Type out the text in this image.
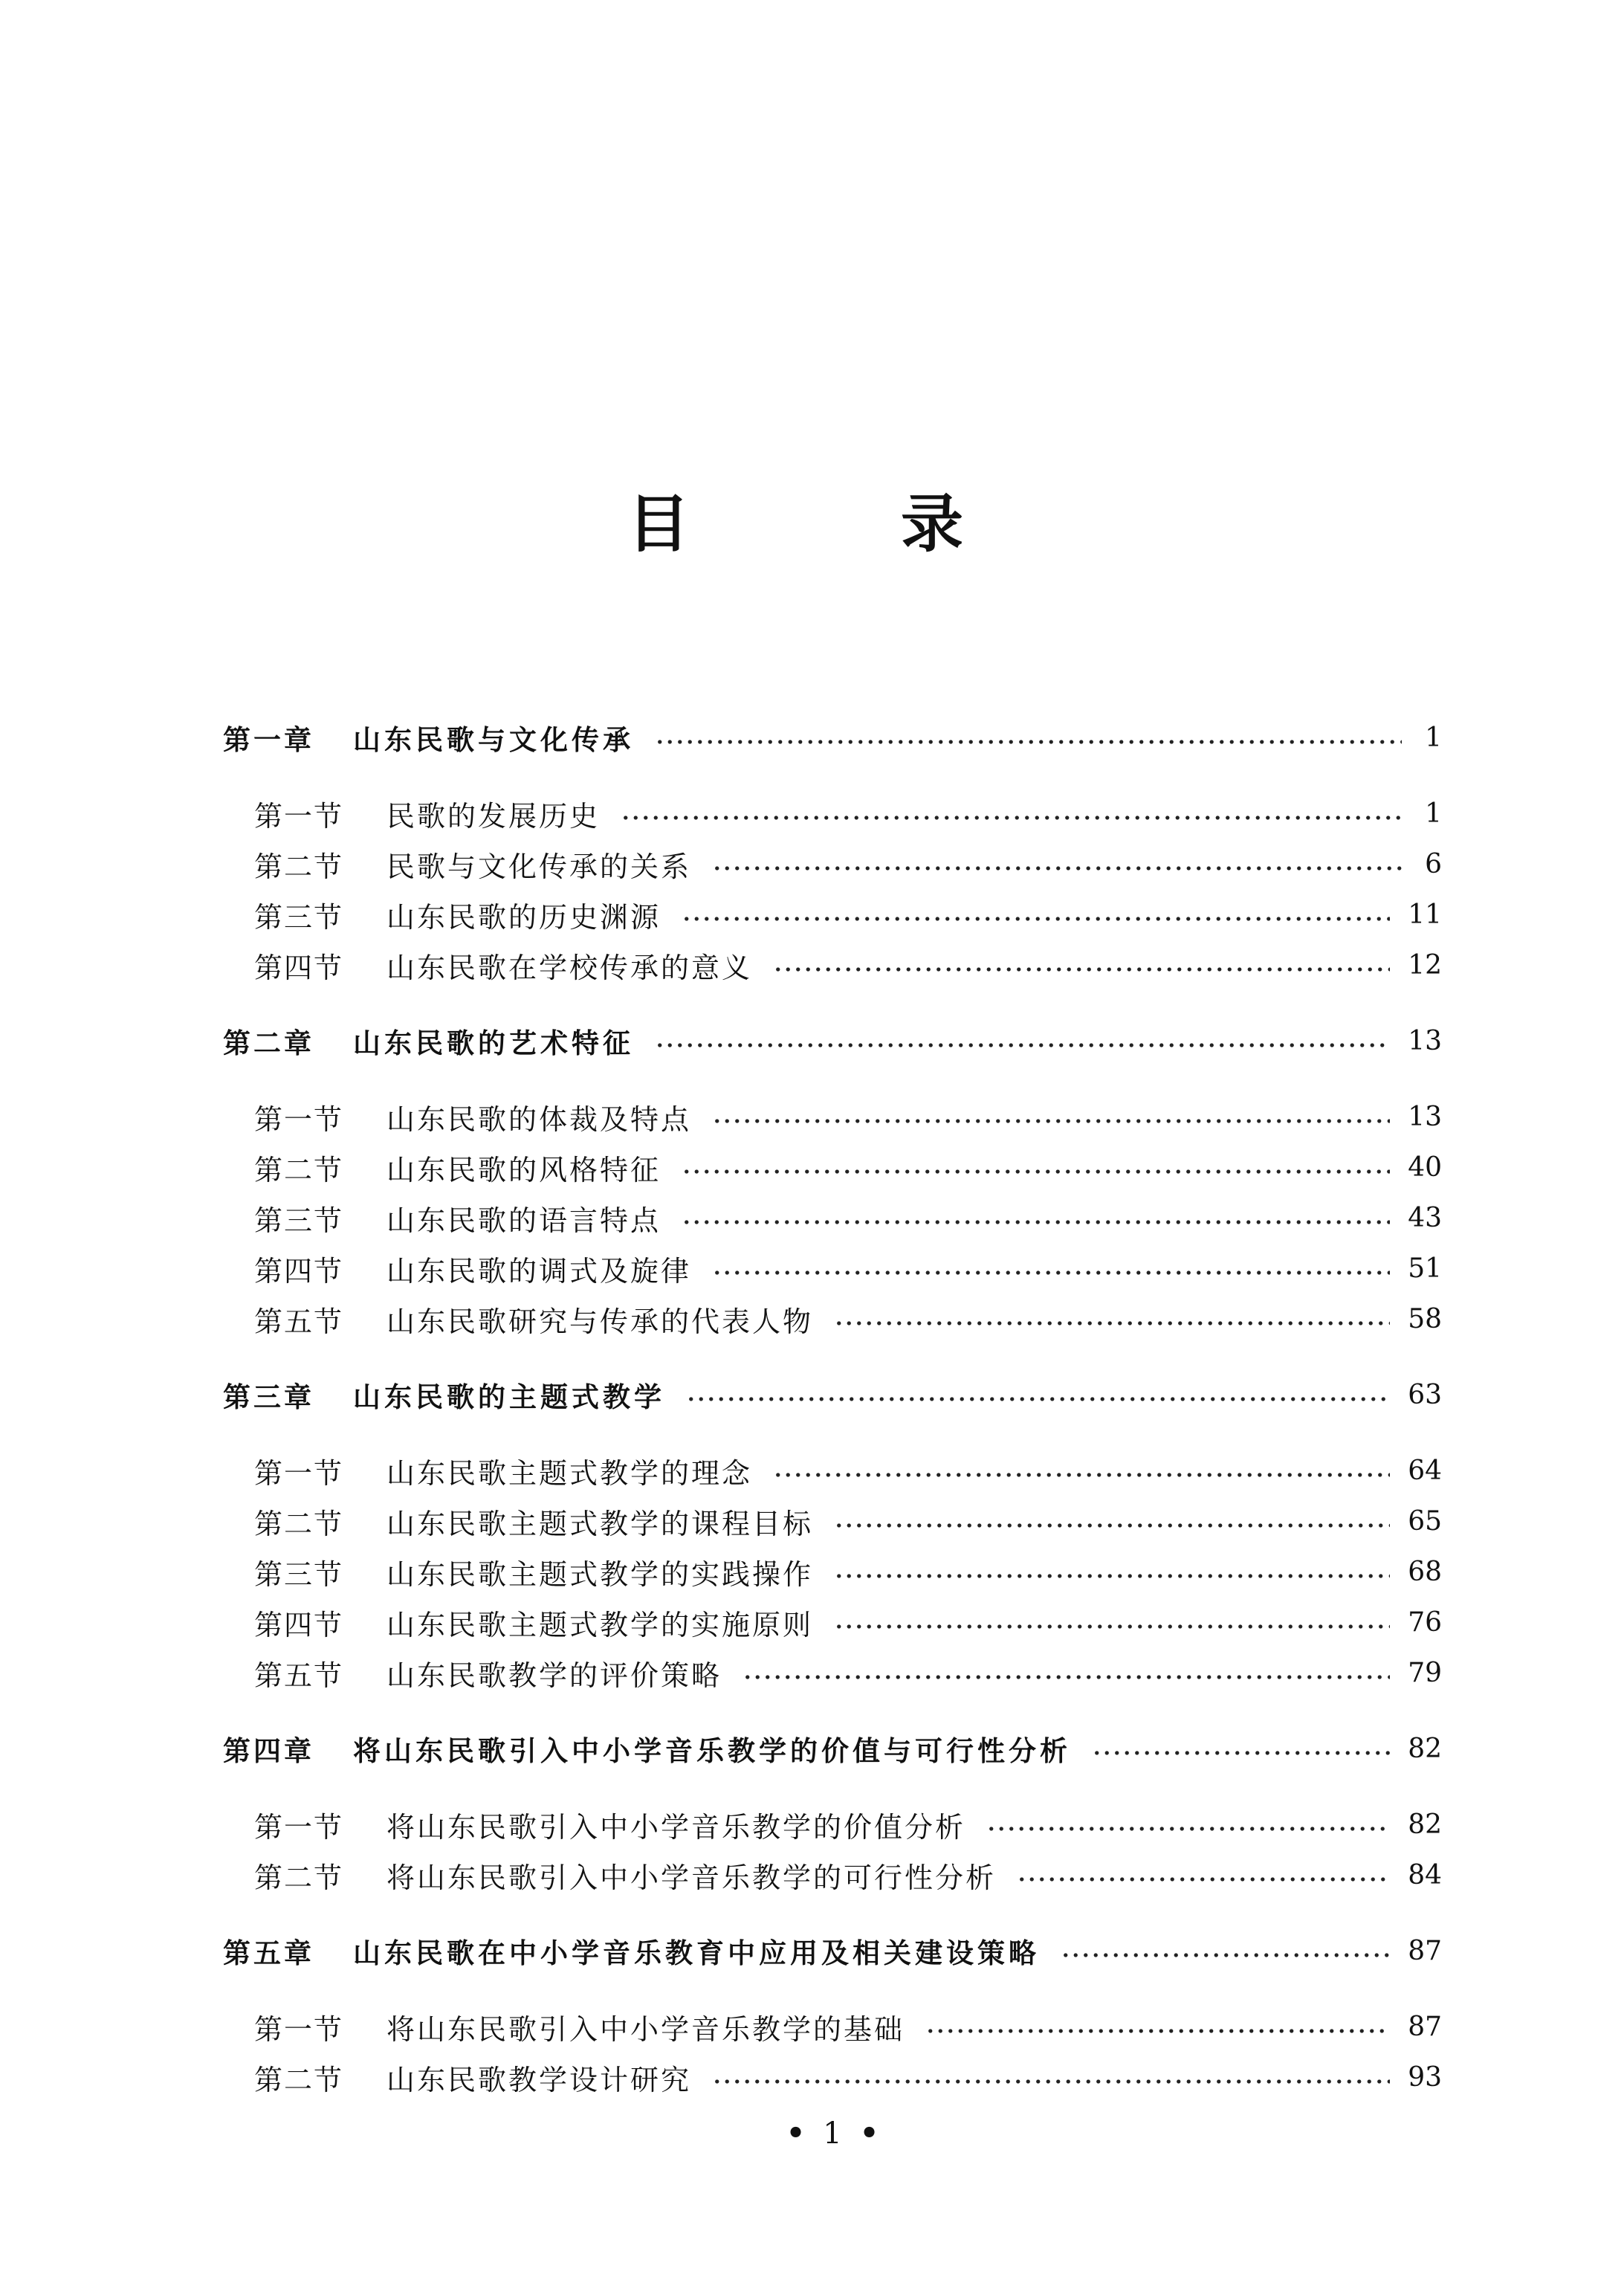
目　录
第一章	山东民歌与文化传承	1
第一节	民歌的发展历史	1
第二节	民歌与文化传承的关系	6
第三节	山东民歌的历史渊源	11
第四节	山东民歌在学校传承的意义	12
第二章	山东民歌的艺术特征	13
第一节	山东民歌的体裁及特点	13
第二节	山东民歌的风格特征	40
第三节	山东民歌的语言特点	43
第四节	山东民歌的调式及旋律	51
第五节	山东民歌研究与传承的代表人物	58
第三章	山东民歌的主题式教学	63
第一节	山东民歌主题式教学的理念	64
第二节	山东民歌主题式教学的课程目标	65
第三节	山东民歌主题式教学的实践操作	68
第四节	山东民歌主题式教学的实施原则	76
第五节	山东民歌教学的评价策略	79
第四章	将山东民歌引入中小学音乐教学的价值与可行性分析	82
第一节	将山东民歌引入中小学音乐教学的价值分析	82
第二节	将山东民歌引入中小学音乐教学的可行性分析	84
第五章	山东民歌在中小学音乐教育中应用及相关建设策略	87
第一节	将山东民歌引入中小学音乐教学的基础	87
第二节	山东民歌教学设计研究	93
• 1 •
